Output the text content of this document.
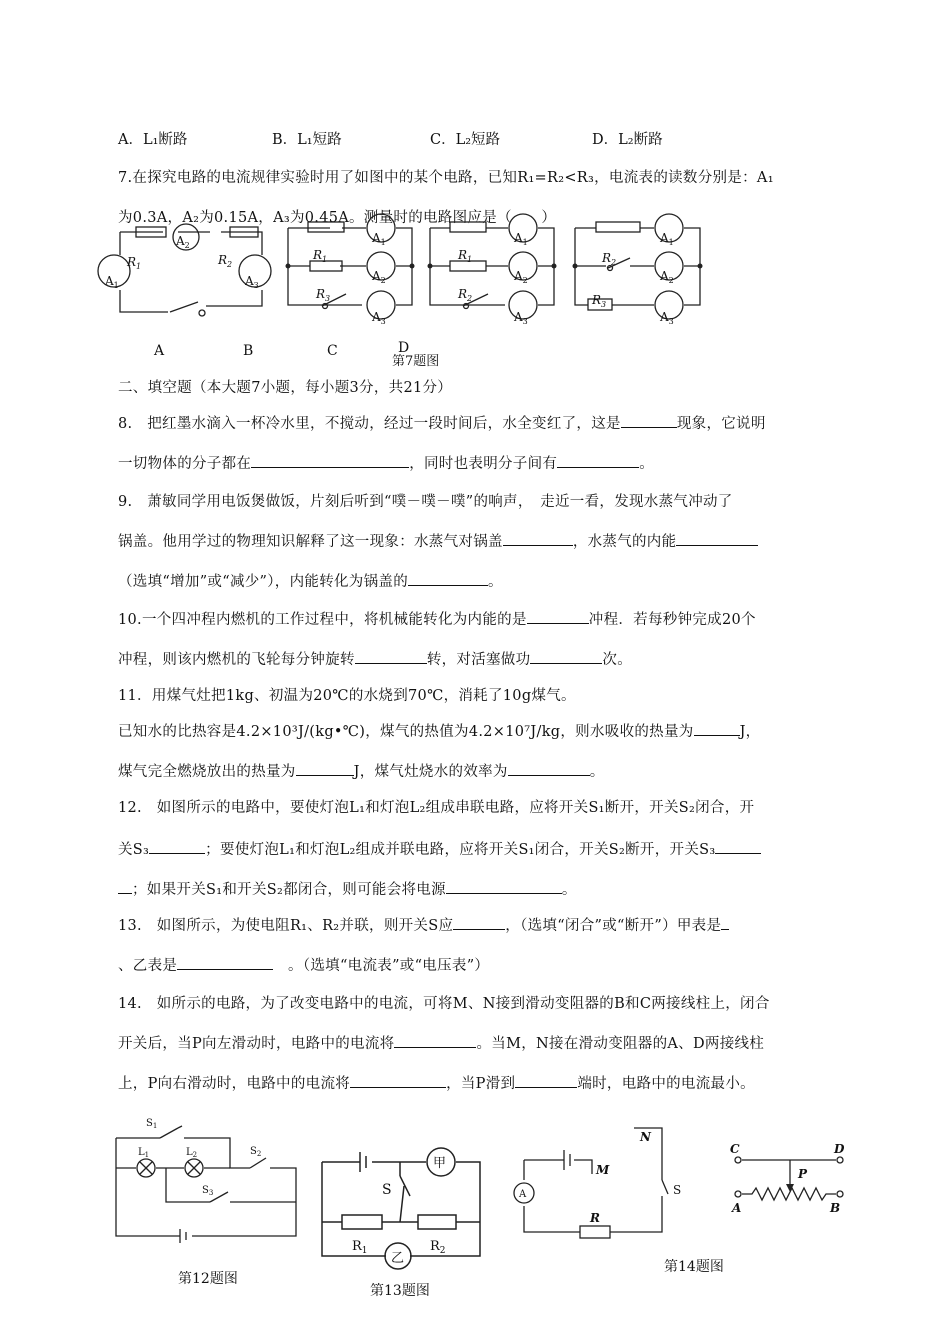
A．L₁断路	B．L₁短路	C．L₂短路	D．L₂断路
7.在探究电路的电流规律实验时用了如图中的某个电路，已知R₁=R₂<R₃，电流表的读数分别是：A₁
为0.3A，A₂为0.15A，A₃为0.45A。测量时的电路图应是（　　）
$R_1$	$R_2$
$R_1$
$R_3$
$R_1$
$R_2$
$R_2$
$R_3$
$A_2$
$A_1$	$A_3$
$A_1$
$A_2$
$A_3$
$A_1$
$A_2$
$A_3$
$A_1$
$A_2$
$A_3$
A	B	C	D
第7题图
二、填空题（本大题7小题，每小题3分，共21分）
8.　把红墨水滴入一杯冷水里，不搅动，经过一段时间后，水全变红了，这是	现象，它说明
一切物体的分子都在	，同时也表明分子间有	。
9.　萧敏同学用电饭煲做饭，片刻后听到“噗－噗－噗”的响声，　走近一看，发现水蒸气冲动了
锅盖。他用学过的物理知识解释了这一现象：水蒸气对锅盖	，水蒸气的内能
（选填“增加”或“减少”），内能转化为锅盖的	。
10.一个四冲程内燃机的工作过程中，将机械能转化为内能的是	冲程．若每秒钟完成20个
冲程，则该内燃机的飞轮每分钟旋转	转，对活塞做功	次。
11．用煤气灶把1kg、初温为20℃的水烧到70℃，消耗了10g煤气。
已知水的比热容是4.2×10³J/(kg•℃)，煤气的热值为4.2×10⁷J/kg，则水吸收的热量为	J，
煤气完全燃烧放出的热量为	J，煤气灶烧水的效率为	。
12.　如图所示的电路中，要使灯泡L₁和灯泡L₂组成串联电路，应将开关S₁断开，开关S₂闭合，开
关S₃	；要使灯泡L₁和灯泡L₂组成并联电路，应将开关S₁闭合，开关S₂断开，开关S₃
；如果开关S₁和开关S₂都闭合，则可能会将电源	。
13.　如图所示，为使电阻R₁、R₂并联，则开关S应	，（选填“闭合”或“断开”）甲表是
、乙表是　	。（选填“电流表”或“电压表”）
14.　如所示的电路，为了改变电路中的电流，可将M、N接到滑动变阻器的B和C两接线柱上，闭合
开关后，当P向左滑动时，电路中的电流将	。当M，N接在滑动变阻器的A、D两接线柱
上，P向右滑动时，电路中的电流将	，当P滑到	端时，电路中的电流最小。
$S_1$
$L_1$	$L_2$	$S_2$
$S_3$
甲
S
$R_1$	$R_2$
乙
N
M
S
A
R
C	D
P
A	B
第12题图
第13题图
第14题图
